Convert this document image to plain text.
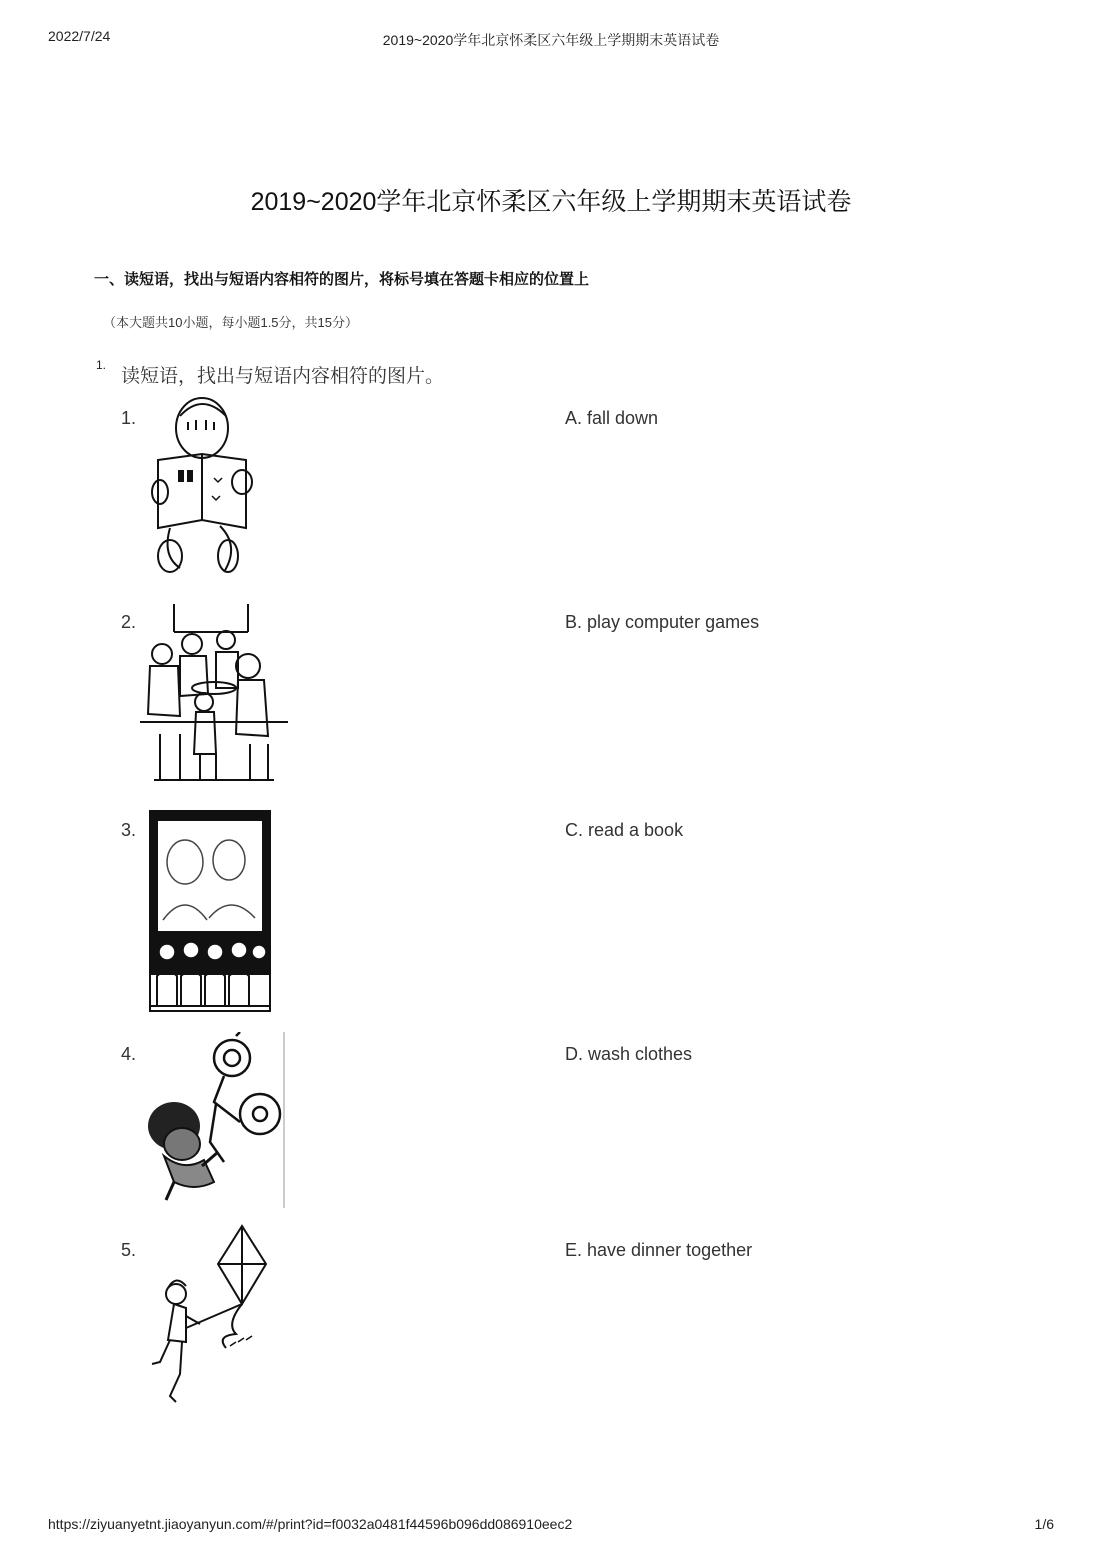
2022/7/24	2019~2020学年北京怀柔区六年级上学期期末英语试卷
2019~2020学年北京怀柔区六年级上学期期末英语试卷
一、读短语，找出与短语内容相符的图片，将标号填在答题卡相应的位置上
（本大题共10小题，每小题1.5分，共15分）
1.
读短语，找出与短语内容相符的图片。
1.	A. fall down
2.	B. play computer games
3.	C. read a book
4.	D. wash clothes
5.	E. have dinner together
https://ziyuanyetnt.jiaoyanyun.com/#/print?id=f0032a0481f44596b096dd086910eec2	1/6
